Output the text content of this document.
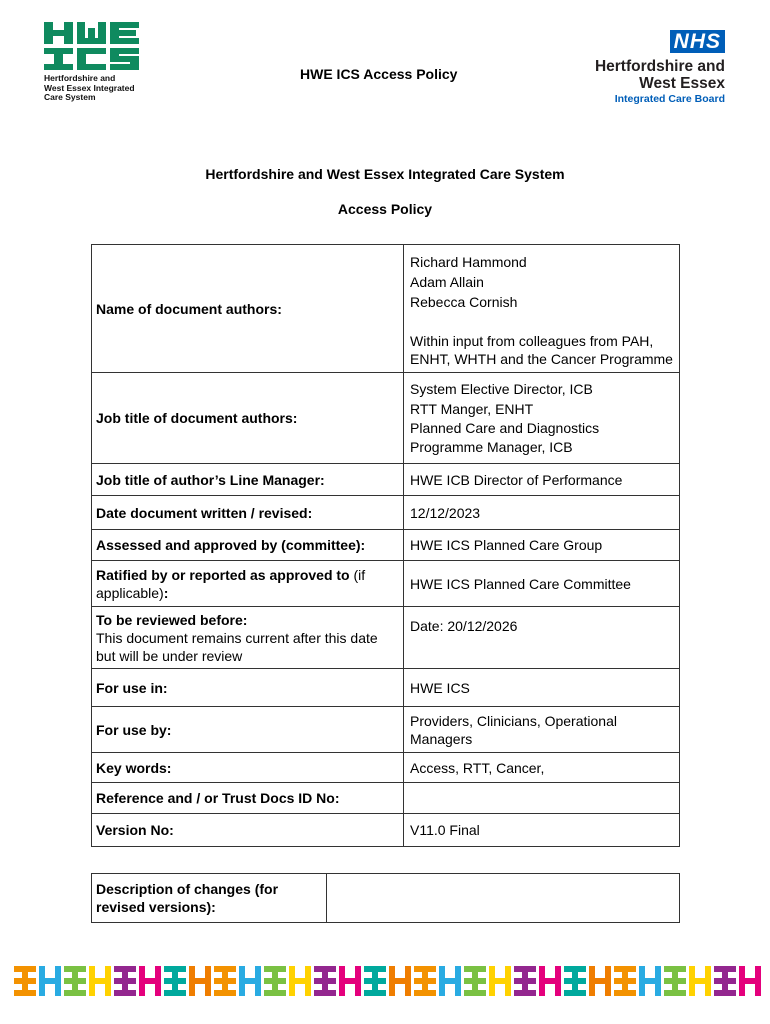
Hertfordshire and
West Essex Integrated
Care System
HWE ICS Access Policy
NHS
Hertfordshire and
West Essex
Integrated Care Board
Hertfordshire and West Essex Integrated Care System
Access Policy
Name of document authors:	Richard Hammond
Adam Allain
Rebecca Cornish
Within input from colleagues from PAH, ENHT, WHTH and the Cancer Programme

Job title of document authors:	System Elective Director, ICB
RTT Manger, ENHT
Planned Care and Diagnostics Programme Manager, ICB

Job title of author’s Line Manager:	HWE ICB Director of Performance
Date document written / revised:	12/12/2023
Assessed and approved by (committee):	HWE ICS Planned Care Group
Ratified by or reported as approved to (if applicable):	HWE ICS Planned Care Committee

To be reviewed before:
This document remains current after this date but will be under review	Date: 20/12/2026
For use in:	HWE ICS
For use by:	Providers, Clinicians, Operational Managers
Key words:	Access, RTT, Cancer,
Reference and / or Trust Docs ID No:	
Version No:	V11.0 Final
Description of changes (for revised versions):	
